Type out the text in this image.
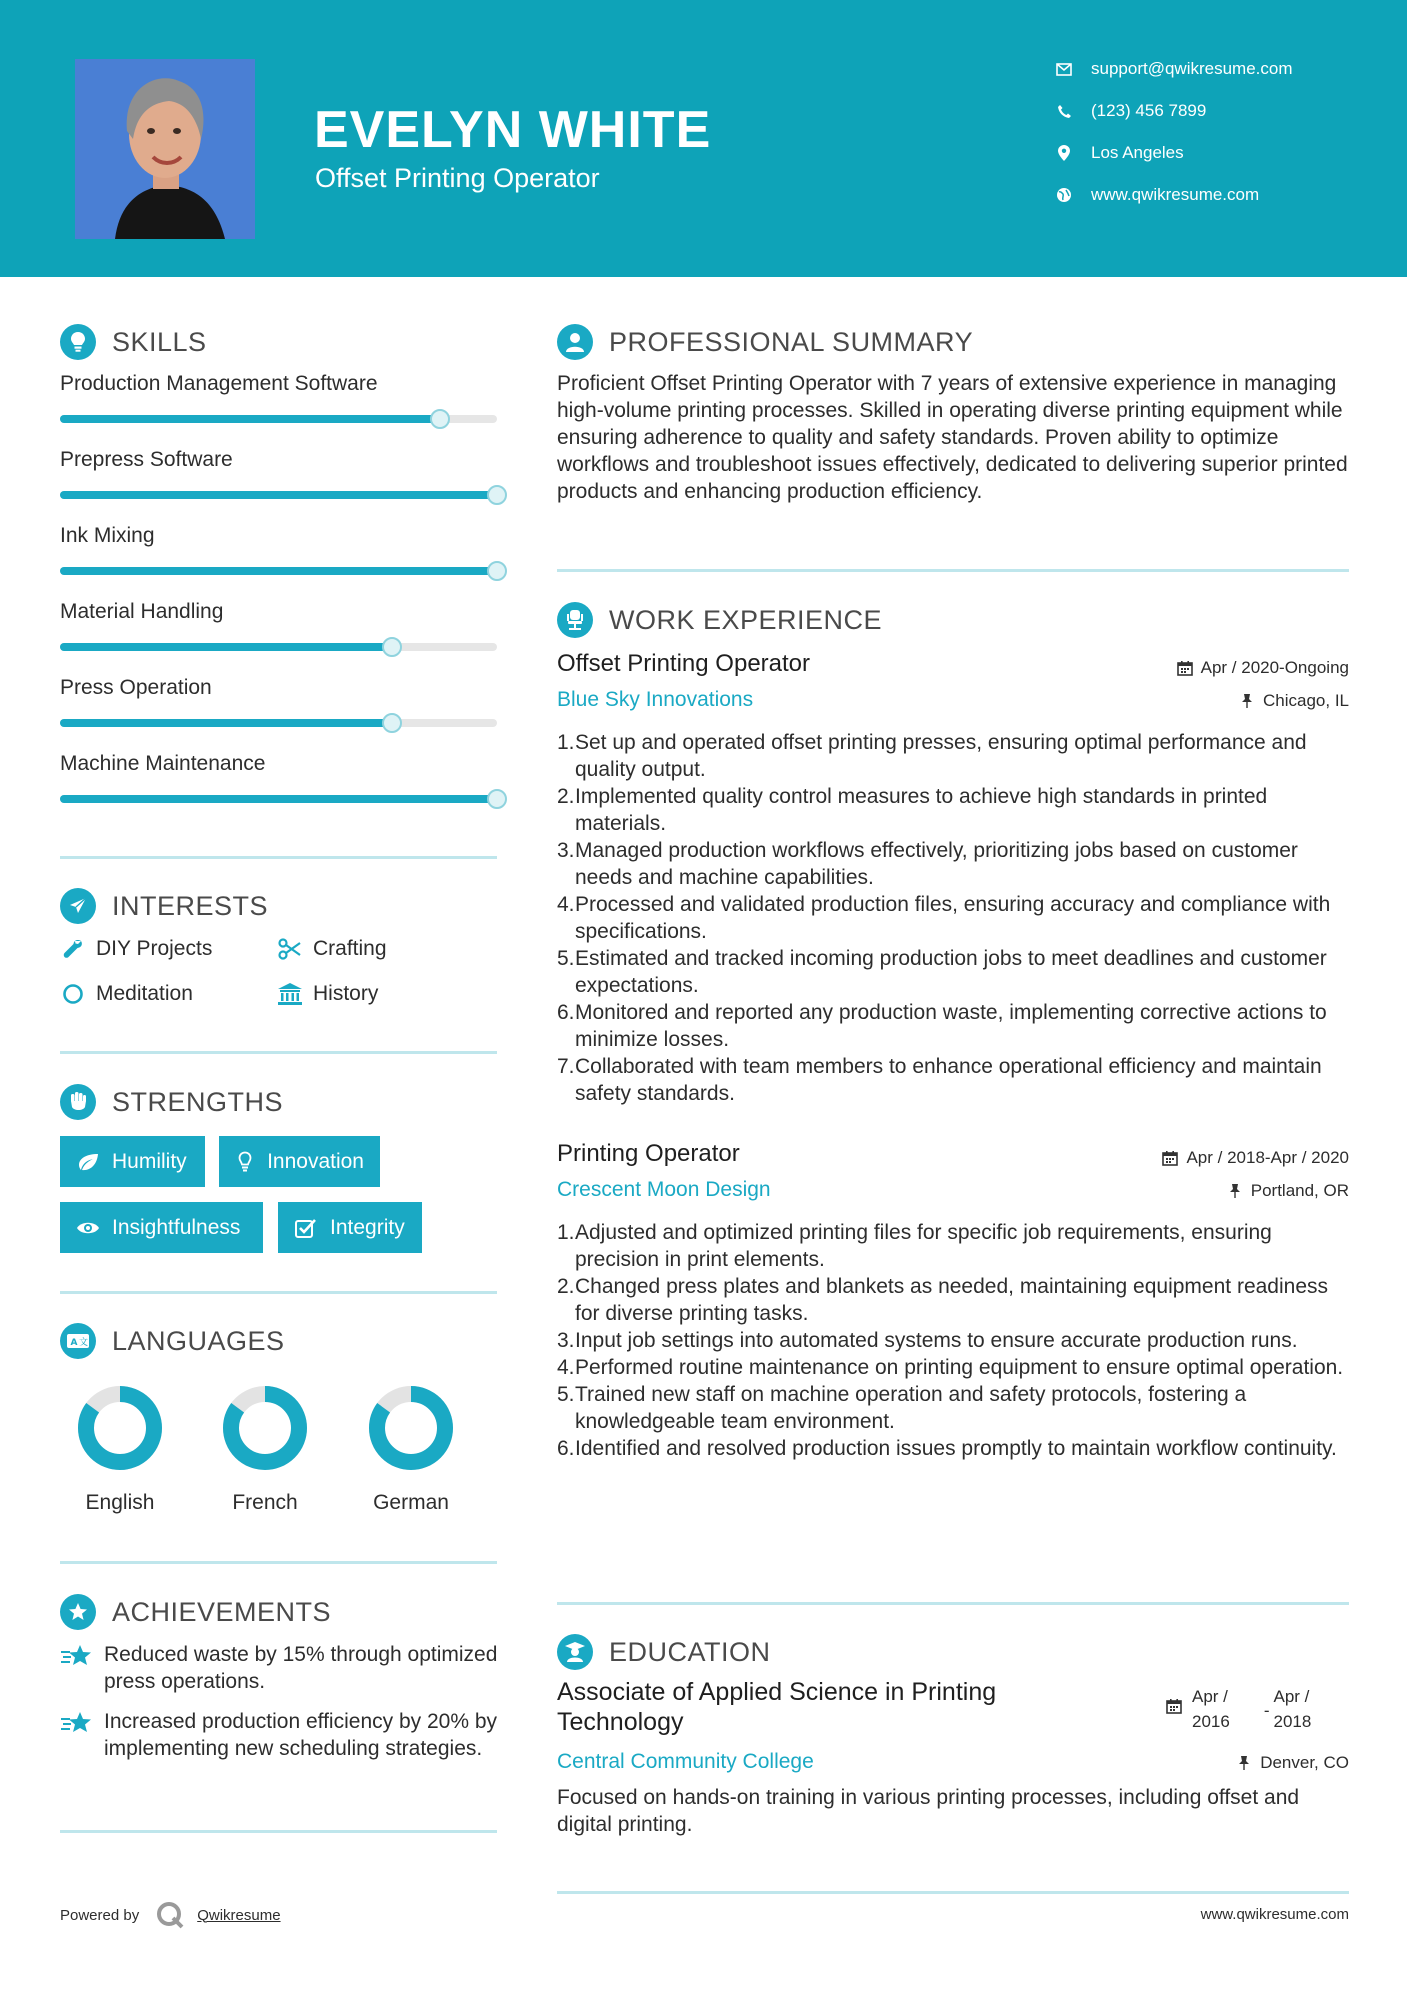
EVELYN WHITE
Offset Printing Operator
support@qwikresume.com
(123) 456 7899
Los Angeles
www.qwikresume.com
SKILLS
Production Management Software
Prepress Software
Ink Mixing
Material Handling
Press Operation
Machine Maintenance
INTERESTS
DIY Projects	Crafting
Meditation	History
STRENGTHS
Humility	Innovation
Insightfulness	Integrity
A 文 LANGUAGES
English	French	German
ACHIEVEMENTS
Reduced waste by 15% through optimized press operations.
Increased production efficiency by 20% by implementing new scheduling strategies.
PROFESSIONAL SUMMARY
Proficient Offset Printing Operator with 7 years of extensive experience in managing high-volume printing processes. Skilled in operating diverse printing equipment while ensuring adherence to quality and safety standards. Proven ability to optimize workflows and troubleshoot issues effectively, dedicated to delivering superior printed products and enhancing production efficiency.
WORK EXPERIENCE
Offset Printing Operator	Apr / 2020-Ongoing
Blue Sky Innovations	Chicago, IL
1. Set up and operated offset printing presses, ensuring optimal performance and quality output.
2. Implemented quality control measures to achieve high standards in printed materials.
3. Managed production workflows effectively, prioritizing jobs based on customer needs and machine capabilities.
4. Processed and validated production files, ensuring accuracy and compliance with specifications.
5. Estimated and tracked incoming production jobs to meet deadlines and customer expectations.
6. Monitored and reported any production waste, implementing corrective actions to minimize losses.
7. Collaborated with team members to enhance operational efficiency and maintain safety standards.
Printing Operator	Apr / 2018-Apr / 2020
Crescent Moon Design	Portland, OR
1. Adjusted and optimized printing files for specific job requirements, ensuring precision in print elements.
2. Changed press plates and blankets as needed, maintaining equipment readiness for diverse printing tasks.
3. Input job settings into automated systems to ensure accurate production runs.
4. Performed routine maintenance on printing equipment to ensure optimal operation.
5. Trained new staff on machine operation and safety protocols, fostering a knowledgeable team environment.
6. Identified and resolved production issues promptly to maintain workflow continuity.
EDUCATION
Associate of Applied Science in Printing Technology
Apr /
2016
-
Apr /
2018
Central Community College	Denver, CO
Focused on hands-on training in various printing processes, including offset and digital printing.
Powered by	Qwikresume	www.qwikresume.com
